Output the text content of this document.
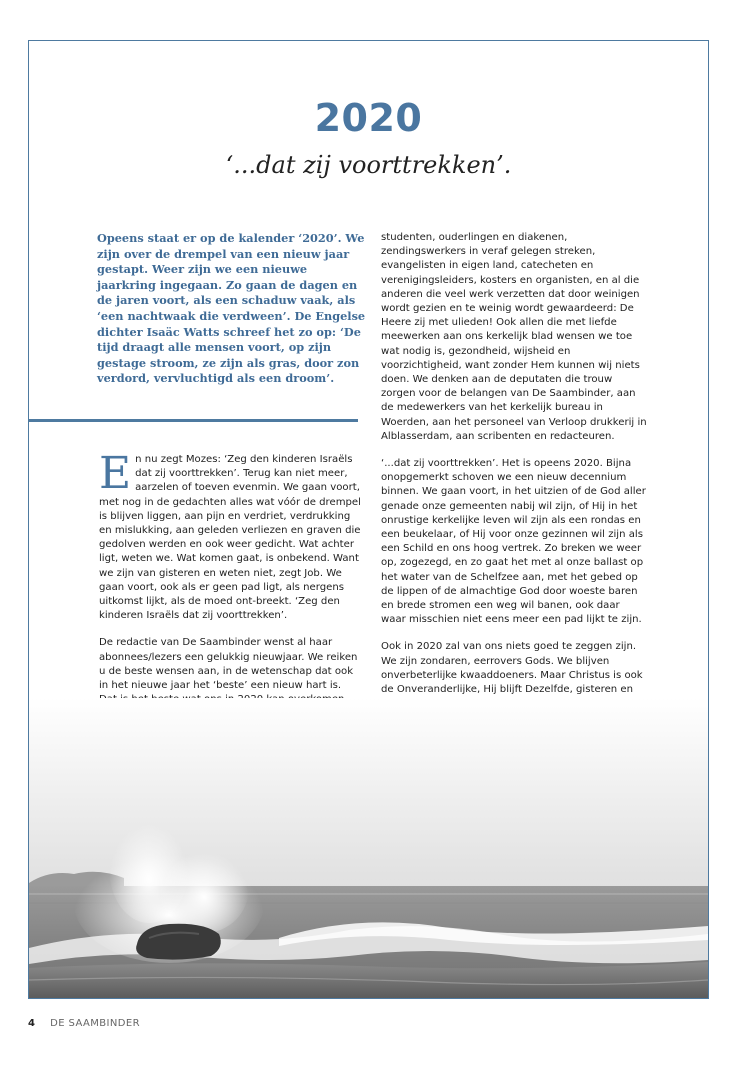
2020
‘...dat zij voorttrekken’.

Opeens staat er op de kalender ‘2020’. We zijn over de drempel van een nieuw jaar gestapt. Weer zijn we een nieuwe jaarkring ingegaan. Zo gaan de dagen en de jaren voort, als een schaduw vaak, als ‘een nachtwaak die verdween’. De Engelse dichter Isaäc Watts schreef het zo op: ‘De tijd draagt alle mensen voort, op zijn gestage stroom, ze zijn als gras, door zon verdord, vervluchtigd als een droom’.

En nu zegt Mozes: ‘Zeg den kinderen Israëls dat zij voorttrekken’. Terug kan niet meer, aarzelen of toeven evenmin. We gaan voort, met nog in de gedachten alles wat vóór de drempel is blijven liggen, aan pijn en verdriet, verdrukking en mislukking, aan geleden verliezen en graven die gedolven werden en ook weer gedicht. Wat achter ligt, weten we. Wat komen gaat, is onbekend. Want we zijn van gisteren en weten niet, zegt Job. We gaan voort, ook als er geen pad ligt, als nergens uitkomst lijkt, als de moed ont-breekt. ‘Zeg den kinderen Israëls dat zij voorttrekken’.

De redactie van De Saambinder wenst al haar abonnees/lezers een gelukkig nieuwjaar. We reiken u de beste wensen aan, in de wetenschap dat ook in het nieuwe jaar het ‘beste’ een nieuw hart is.

studenten, ouderlingen en diakenen, zendingswerkers in veraf gelegen streken, evangelisten in eigen land, catecheten en verenigingsleiders, kosters en organisten, en al die anderen die veel werk verzetten dat door weinigen wordt gezien en te weinig wordt gewaardeerd: De Heere zij met ulieden! Ook allen die met liefde meewerken aan ons kerkelijk blad wensen we toe wat nodig is, gezondheid, wijsheid en voorzichtigheid, want zonder Hem kunnen wij niets doen. We denken aan de deputaten die trouw zorgen voor de belangen van De Saambinder, aan de medewerkers van het kerkelijk bureau in Woerden, aan het personeel van Verloop drukkerij in Alblasserdam, aan scribenten en redacteuren.

‘...dat zij voorttrekken’. Het is opeens 2020. Bijna onopgemerkt schoven we een nieuw decennium binnen. We gaan voort, in het uitzien of de God aller genade onze gemeenten nabij wil zijn, of Hij in het onrustige kerkelijke leven wil zijn als een rondas en een beukelaar, of Hij voor onze gezinnen wil zijn als een Schild en ons hoog vertrek. Zo breken we weer op, zogezegd, en zo gaat het met al onze ballast op het water van de Schelfzee aan, met het gebed op de lippen of de almachtige God door woeste baren en brede stromen een weg wil banen, ook daar waar misschien niet eens meer een pad lijkt te zijn.

Ook in 2020 zal van ons niets goed te zeggen zijn. We zijn zondaren, eerrovers Gods. We blijven onverbeterlijke kwaaddoeners. Maar Christus is ook de Onveranderlijke, Hij blijft Dezelfde, gisteren en

4 DE SAAMBINDER
